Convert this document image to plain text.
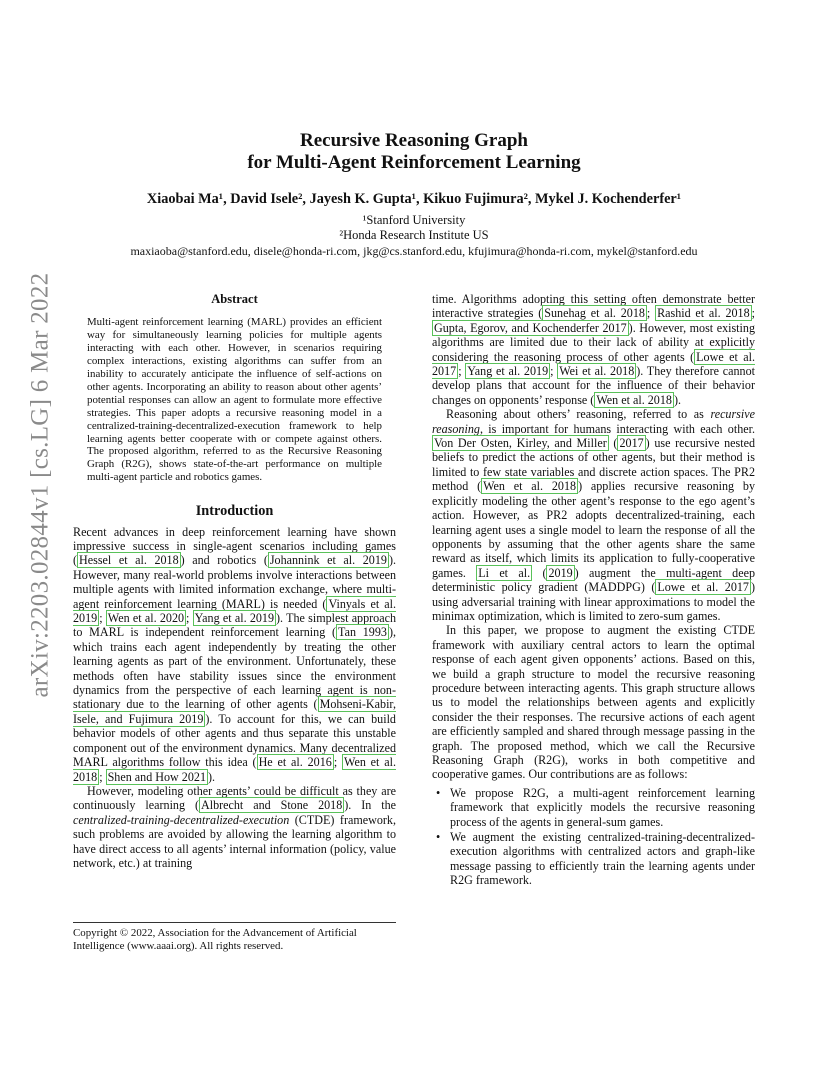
arXiv:2203.02844v1 [cs.LG] 6 Mar 2022
Recursive Reasoning Graph
for Multi-Agent Reinforcement Learning
Xiaobai Ma¹, David Isele², Jayesh K. Gupta¹, Kikuo Fujimura², Mykel J. Kochenderfer¹
¹Stanford University
²Honda Research Institute US
maxiaoba@stanford.edu, disele@honda-ri.com, jkg@cs.stanford.edu, kfujimura@honda-ri.com, mykel@stanford.edu
Abstract
Multi-agent reinforcement learning (MARL) provides an efficient way for simultaneously learning policies for multiple agents interacting with each other. However, in scenarios requiring complex interactions, existing algorithms can suffer from an inability to accurately anticipate the influence of self-actions on other agents. Incorporating an ability to reason about other agents’ potential responses can allow an agent to formulate more effective strategies. This paper adopts a recursive reasoning model in a centralized-training-decentralized-execution framework to help learning agents better cooperate with or compete against others. The proposed algorithm, referred to as the Recursive Reasoning Graph (R2G), shows state-of-the-art performance on multiple multi-agent particle and robotics games.
Introduction

Recent advances in deep reinforcement learning have shown impressive success in single-agent scenarios including games ( Hessel et al. 2018 ) and robotics ( Johannink et al. 2019 ). However, many real-world problems involve interactions between multiple agents with limited information exchange, where multi-agent reinforcement learning (MARL) is needed ( Vinyals et al. 2019 ; Wen et al. 2020 ; Yang et al. 2019 ). The simplest approach to MARL is independent reinforcement learning ( Tan 1993 ), which trains each agent independently by treating the other learning agents as part of the environment. Unfortunately, these methods often have stability issues since the environment dynamics from the perspective of each learning agent is non-stationary due to the learning of other agents ( Mohseni-Kabir, Isele, and Fujimura 2019 ). To account for this, we can build behavior models of other agents and thus separate this unstable component out of the environment dynamics. Many decentralized MARL algorithms follow this idea ( He et al. 2016 ; Wen et al. 2018 ; Shen and How 2021 ).

However, modeling other agents’ could be difficult as they are continuously learning ( Albrecht and Stone 2018 ). In the centralized-training-decentralized-execution (CTDE) framework, such problems are avoided by allowing the learning algorithm to have direct access to all agents’ internal information (policy, value network, etc.) at training

Copyright © 2022, Association for the Advancement of Artificial Intelligence (www.aaai.org). All rights reserved.

time. Algorithms adopting this setting often demonstrate better interactive strategies ( Sunehag et al. 2018 ; Rashid et al. 2018 ; Gupta, Egorov, and Kochenderfer 2017 ). However, most existing algorithms are limited due to their lack of ability at explicitly considering the reasoning process of other agents ( Lowe et al. 2017 ; Yang et al. 2019 ; Wei et al. 2018 ). They therefore cannot develop plans that account for the influence of their behavior changes on opponents’ response ( Wen et al. 2018 ).

Reasoning about others’ reasoning, referred to as recursive reasoning, is important for humans interacting with each other. Von Der Osten, Kirley, and Miller ( 2017 ) use recursive nested beliefs to predict the actions of other agents, but their method is limited to few state variables and discrete action spaces. The PR2 method ( Wen et al. 2018 ) applies recursive reasoning by explicitly modeling the other agent’s response to the ego agent’s action. However, as PR2 adopts decentralized-training, each learning agent uses a single model to learn the response of all the opponents by assuming that the other agents share the same reward as itself, which limits its application to fully-cooperative games. Li et al. ( 2019 ) augment the multi-agent deep deterministic policy gradient (MADDPG) ( Lowe et al. 2017 ) using adversarial training with linear approximations to model the minimax optimization, which is limited to zero-sum games.

In this paper, we propose to augment the existing CTDE framework with auxiliary central actors to learn the optimal response of each agent given opponents’ actions. Based on this, we build a graph structure to model the recursive reasoning procedure between interacting agents. This graph structure allows us to model the relationships between agents and explicitly consider the their responses. The recursive actions of each agent are efficiently sampled and shared through message passing in the graph. The proposed method, which we call the Recursive Reasoning Graph (R2G), works in both competitive and cooperative games. Our contributions are as follows:

• We propose R2G, a multi-agent reinforcement learning framework that explicitly models the recursive reasoning process of the agents in general-sum games.
• We augment the existing centralized-training-decentralized-execution algorithms with centralized actors and graph-like message passing to efficiently train the learning agents under R2G framework.
